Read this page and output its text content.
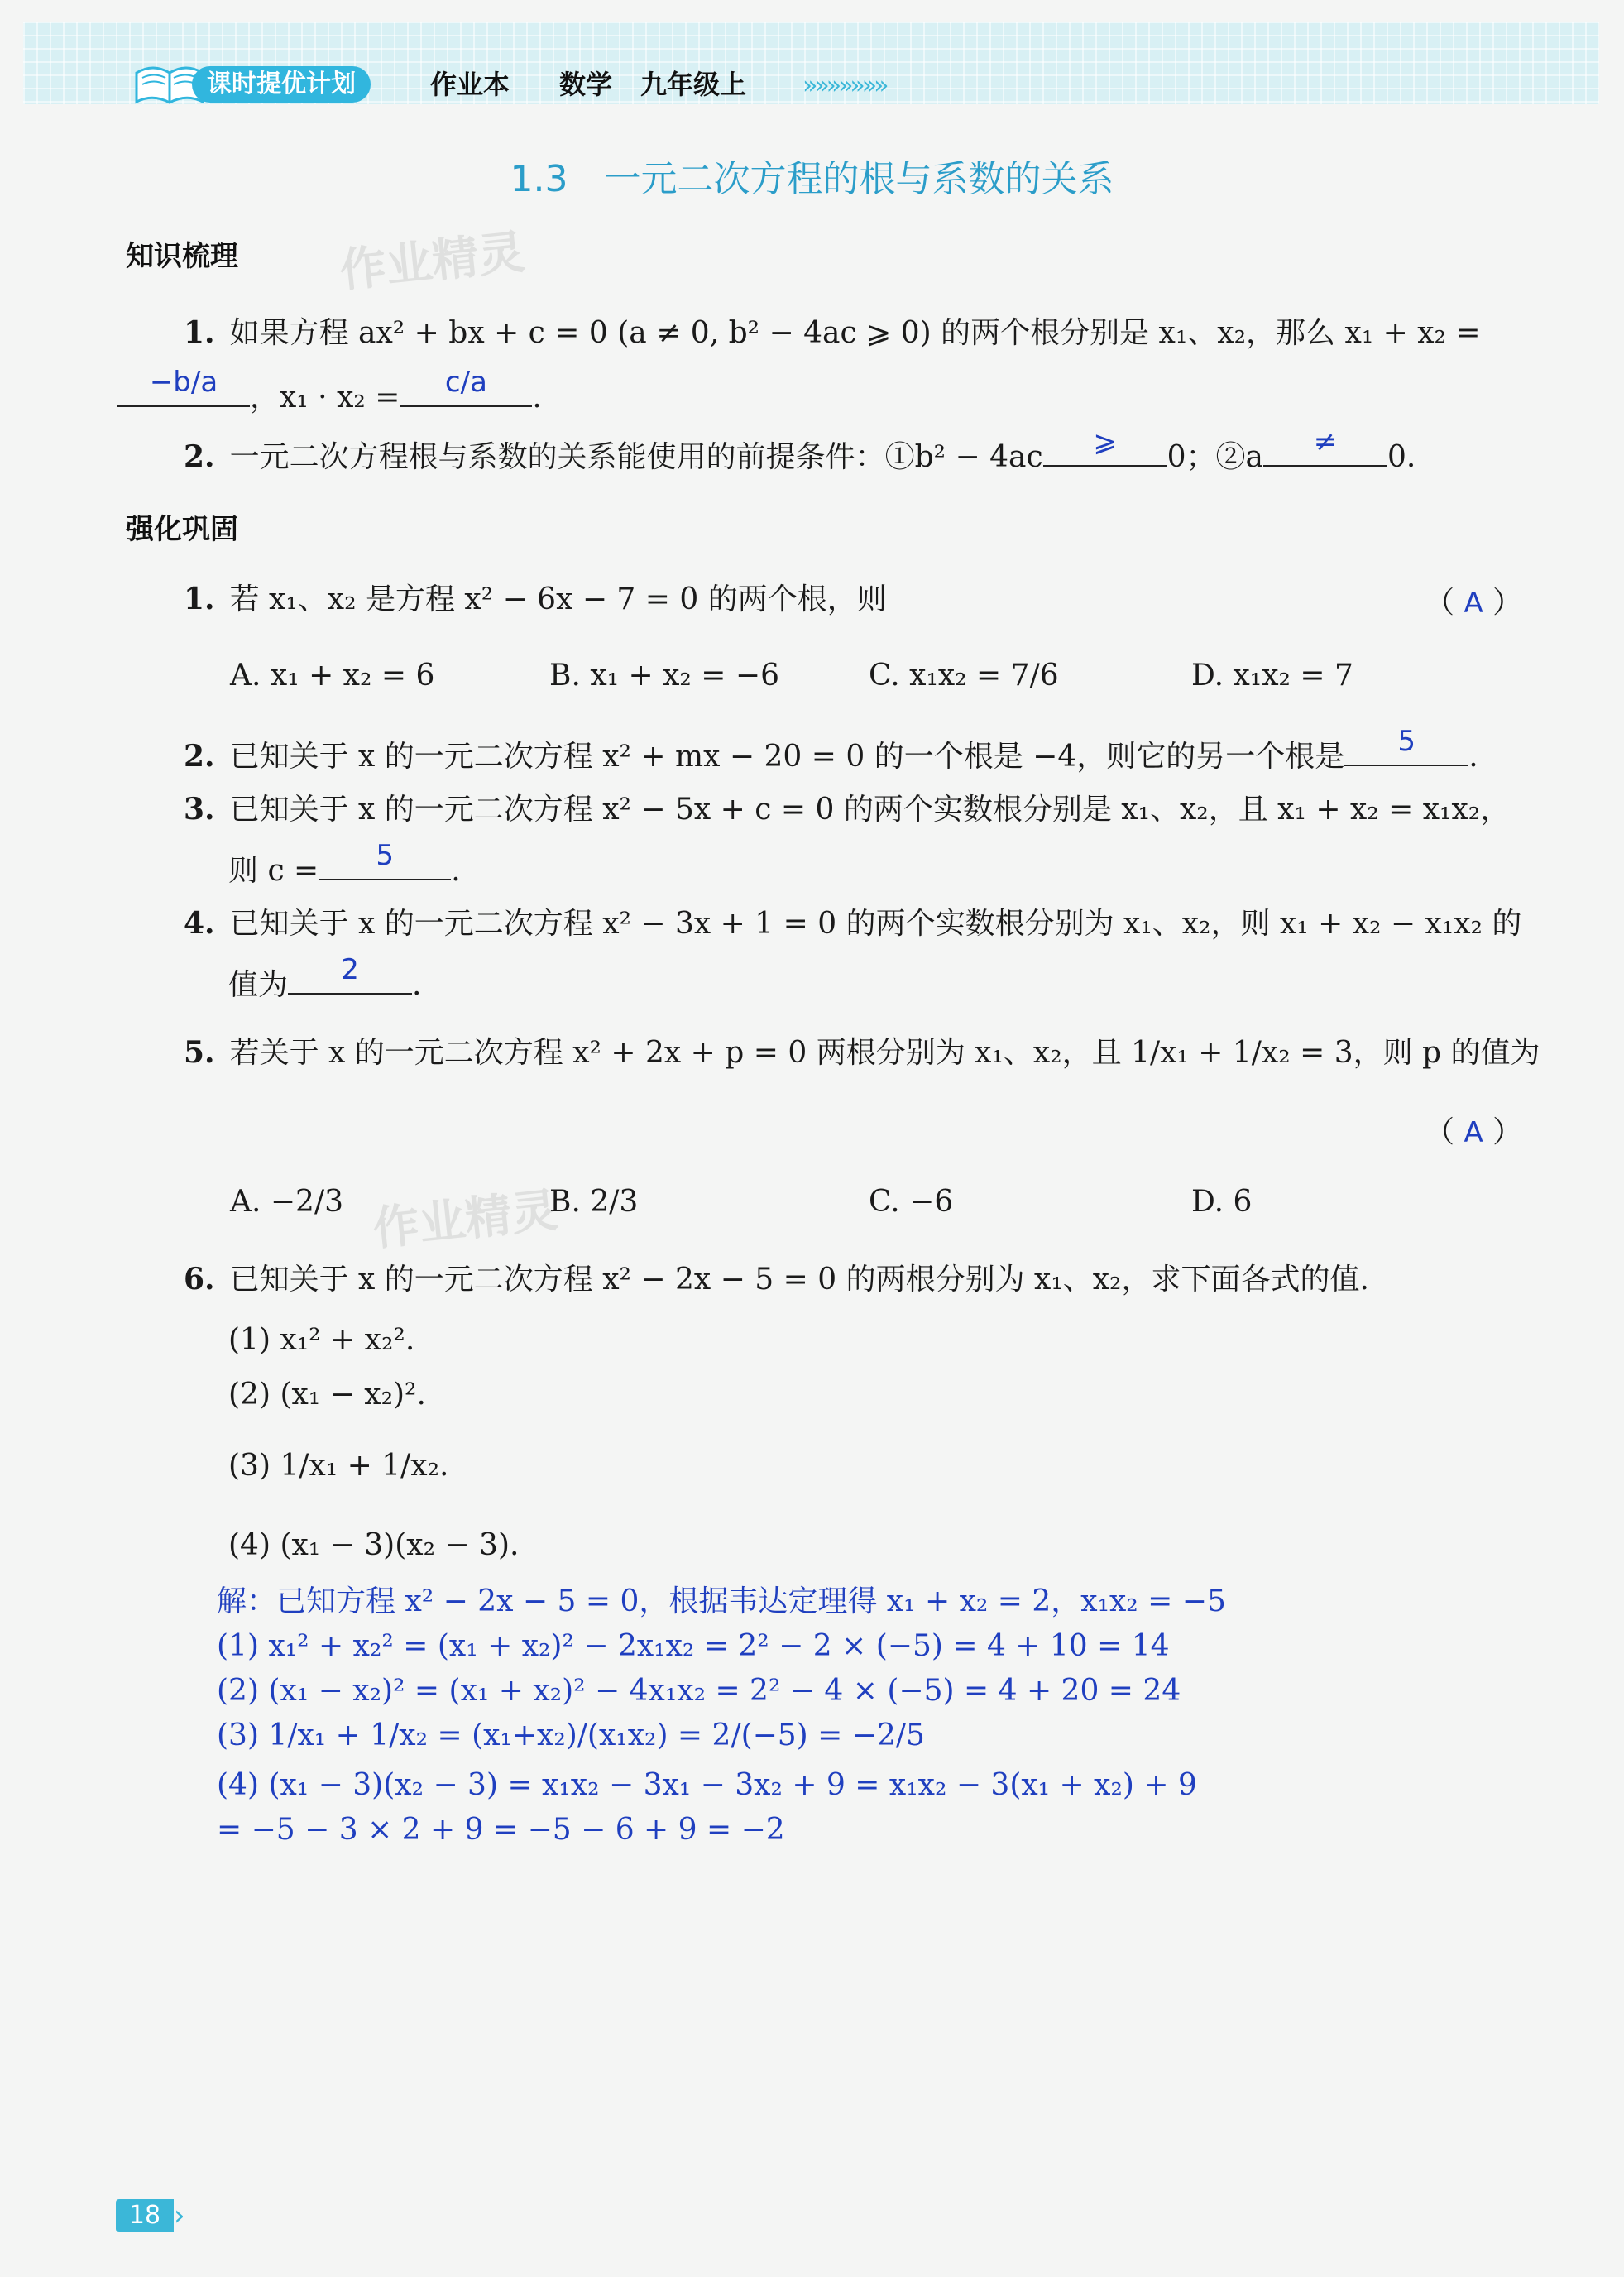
课时提优计划	作业本 数学 九年级上 »»»»»»»
1.3　一元二次方程的根与系数的关系
知识梳理 作业精灵
1. 如果方程 ax² + bx + c = 0 (a ≠ 0, b² − 4ac ⩾ 0) 的两个根分别是 x₁、x₂，那么 x₁ + x₂ =
−b/a	，x₁ · x₂ =	c/a	.
2. 一元二次方程根与系数的关系能使用的前提条件：①b² − 4ac	⩾	0；②a	≠	0.
强化巩固
1. 若 x₁、x₂ 是方程 x² − 6x − 7 = 0 的两个根，则	（ A ）
A. x₁ + x₂ = 6	B. x₁ + x₂ = −6	C. x₁x₂ = 7/6	D. x₁x₂ = 7
2. 已知关于 x 的一元二次方程 x² + mx − 20 = 0 的一个根是 −4，则它的另一个根是	5	.
3. 已知关于 x 的一元二次方程 x² − 5x + c = 0 的两个实数根分别是 x₁、x₂，且 x₁ + x₂ = x₁x₂，
则 c =	5	.
4. 已知关于 x 的一元二次方程 x² − 3x + 1 = 0 的两个实数根分别为 x₁、x₂，则 x₁ + x₂ − x₁x₂ 的
值为	2	.
5. 若关于 x 的一元二次方程 x² + 2x + p = 0 两根分别为 x₁、x₂，且 1/x₁ + 1/x₂ = 3，则 p 的值为
（ A ）
A. −2/3	B. 2/3	C. −6	D. 6
作业精灵
6. 已知关于 x 的一元二次方程 x² − 2x − 5 = 0 的两根分别为 x₁、x₂，求下面各式的值.
(1) x₁² + x₂².
(2) (x₁ − x₂)².
(3) 1/x₁ + 1/x₂.
(4) (x₁ − 3)(x₂ − 3).
解：已知方程 x² − 2x − 5 = 0，根据韦达定理得 x₁ + x₂ = 2，x₁x₂ = −5
(1) x₁² + x₂² = (x₁ + x₂)² − 2x₁x₂ = 2² − 2 × (−5) = 4 + 10 = 14
(2) (x₁ − x₂)² = (x₁ + x₂)² − 4x₁x₂ = 2² − 4 × (−5) = 4 + 20 = 24
(3) 1/x₁ + 1/x₂ = (x₁+x₂)/(x₁x₂) = 2/(−5) = −2/5
(4) (x₁ − 3)(x₂ − 3) = x₁x₂ − 3x₁ − 3x₂ + 9 = x₁x₂ − 3(x₁ + x₂) + 9
= −5 − 3 × 2 + 9 = −5 − 6 + 9 = −2
18 ›
